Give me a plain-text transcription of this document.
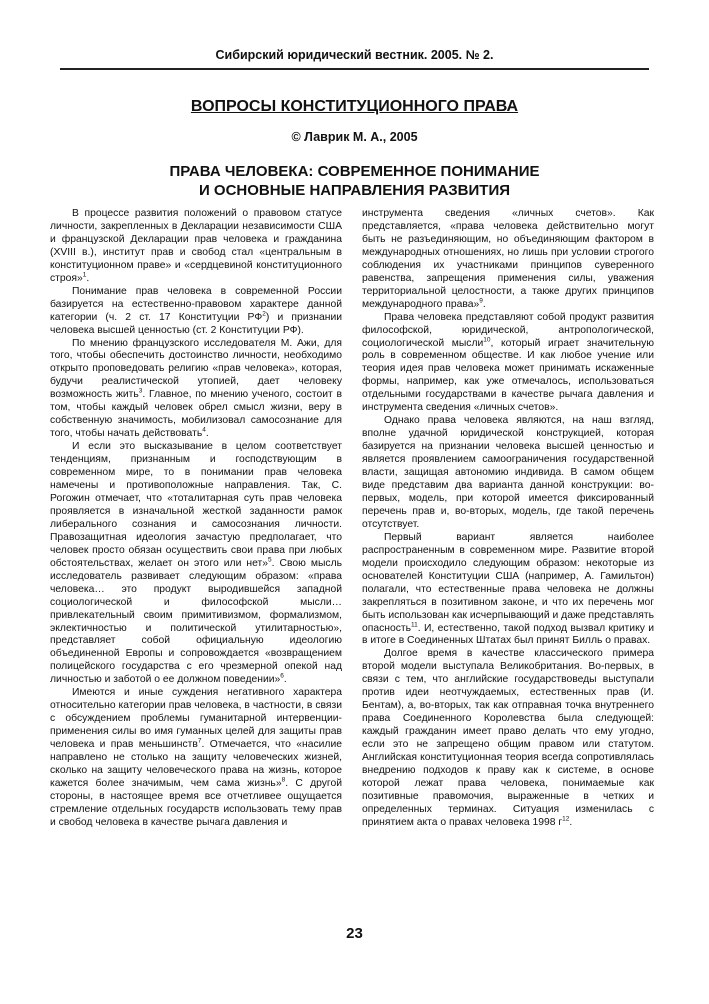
Сибирский юридический вестник. 2005. № 2.
ВОПРОСЫ КОНСТИТУЦИОННОГО ПРАВА
© Лаврик М. А., 2005
ПРАВА ЧЕЛОВЕКА: СОВРЕМЕННОЕ ПОНИМАНИЕ
И ОСНОВНЫЕ НАПРАВЛЕНИЯ РАЗВИТИЯ

В процессе развития положений о правовом статусе личности, закрепленных в Декларации независимости США и французской Декларации прав человека и гражданина (XVIII в.), институт прав и свобод стал «центральным в конституционном праве» и «сердцевиной конституционного строя»$^1$.

Понимание прав человека в современной России базируется на естественно-правовом характере данной категории (ч. 2 ст. 17 Конституции $РФ^2$) и признании человека высшей ценностью (ст. 2 Конституции РФ).

По мнению французского исследователя М. Ажи, для того, чтобы обеспечить достоинство личности, необходимо открыто проповедовать религию «прав человека», которая, будучи реалистической утопией, дает человеку возможность жить$^3$. Главное, по мнению ученого, состоит в том, чтобы каждый человек обрел смысл жизни, веру в собственную значимость, мобилизовал самосознание для того, чтобы начать действовать$^4$.

И если это высказывание в целом соответствует тенденциям, признанным и господствующим в современном мире, то в понимании прав человека намечены и противоположные направления. Так, С. Рогожин отмечает, что «тоталитарная суть прав человека проявляется в изначальной жесткой заданности рамок либерального сознания и самосознания личности. Правозащитная идеология зачастую предполагает, что человек просто обязан осуществить свои права при любых обстоятельствах, желает он этого или нет»$^5$. Свою мысль исследователь развивает следующим образом: «права человека… это продукт выродившейся западной социологической и философской мысли… привлекательный своим примитивизмом, формализмом, эклектичностью и политической утилитарностью», представляет собой официальную идеологию объединенной Европы и сопровождается «возвращением полицейского государства с его чрезмерной опекой над личностью и заботой о ее должном поведении»$^6$.

Имеются и иные суждения негативного характера относительно категории прав человека, в частности, в связи с обсуждением проблемы гуманитарной интервенции- применения силы во имя гуманных целей для защиты прав человека и прав меньшинств$^7$. Отмечается, что «насилие направлено не столько на защиту человеческих жизней, сколько на защиту человеческого права на жизнь, которое кажется более значимым, чем сама жизнь»$^8$. С другой стороны, в настоящее время все отчетливее ощущается стремление отдельных государств использовать тему прав и свобод человека в качестве рычага давления и

инструмента сведения «личных счетов». Как представляется, «права человека действительно могут быть не разъединяющим, но объединяющим фактором в международных отношениях, но лишь при условии строгого соблюдения их участниками принципов суверенного равенства, запрещения применения силы, уважения территориальной целостности, а также других принципов международного права»$^9$.

Права человека представляют собой продукт развития философской, юридической, антропологической, социологической мысли$^{10}$, который играет значительную роль в современном обществе. И как любое учение или теория идея прав человека может принимать искаженные формы, например, как уже отмечалось, использоваться отдельными государствами в качестве рычага давления и инструмента сведения «личных счетов».

Однако права человека являются, на наш взгляд, вполне удачной юридической конструкцией, которая базируется на признании человека высшей ценностью и является проявлением самоограничения государственной власти, защищая автономию индивида. В самом общем виде представим два варианта данной конструкции: во-первых, модель, при которой имеется фиксированный перечень прав и, во-вторых, модель, где такой перечень отсутствует.

Первый вариант является наиболее распространенным в современном мире. Развитие второй модели происходило следующим образом: некоторые из основателей Конституции США (например, А. Гамильтон) полагали, что естественные права человека не должны закрепляться в позитивном законе, и что их перечень мог быть использован как исчерпывающий и даже представлять опасность$^{11}$. И, естественно, такой подход вызвал критику и в итоге в Соединенных Штатах был принят Билль о правах.

Долгое время в качестве классического примера второй модели выступала Великобритания. Во-первых, в связи с тем, что английские государствоведы выступали против идеи неотчуждаемых, естественных прав (И. Бентам), а, во-вторых, так как отправная точка внутреннего права Соединенного Королевства была следующей: каждый гражданин имеет право делать что ему угодно, если это не запрещено общим правом или статутом. Английская конституционная теория всегда сопротивлялась внедрению подходов к праву как к системе, в основе которой лежат права человека, понимаемые как позитивные правомочия, выраженные в четких и определенных терминах. Ситуация изменилась с принятием акта о правах человека 1998 $г^{12}$.

23
